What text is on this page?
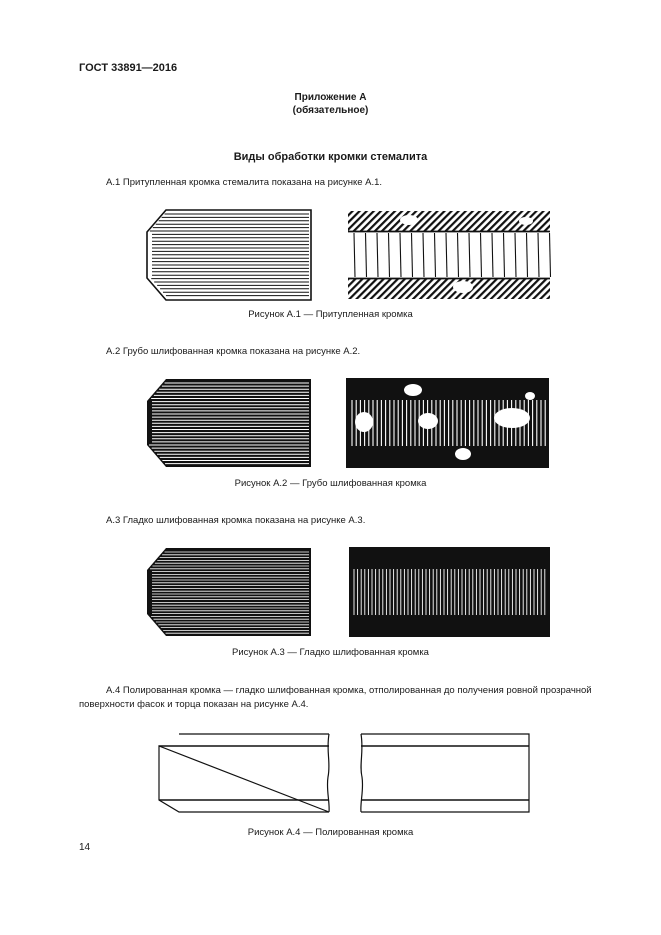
ГОСТ 33891—2016
Приложение А
(обязательное)
Виды обработки кромки стемалита
А.1 Притупленная кромка стемалита показана на рисунке А.1.
Рисунок А.1 — Притупленная кромка
А.2 Грубо шлифованная кромка показана на рисунке А.2.
Рисунок А.2 — Грубо шлифованная кромка
А.3 Гладко шлифованная кромка показана на рисунке А.3.
Рисунок А.3 — Гладко шлифованная кромка
А.4 Полированная кромка — гладко шлифованная кромка, отполированная до получения ровной прозрачной поверхности фасок и торца показан на рисунке А.4.
Рисунок А.4 — Полированная кромка
14
